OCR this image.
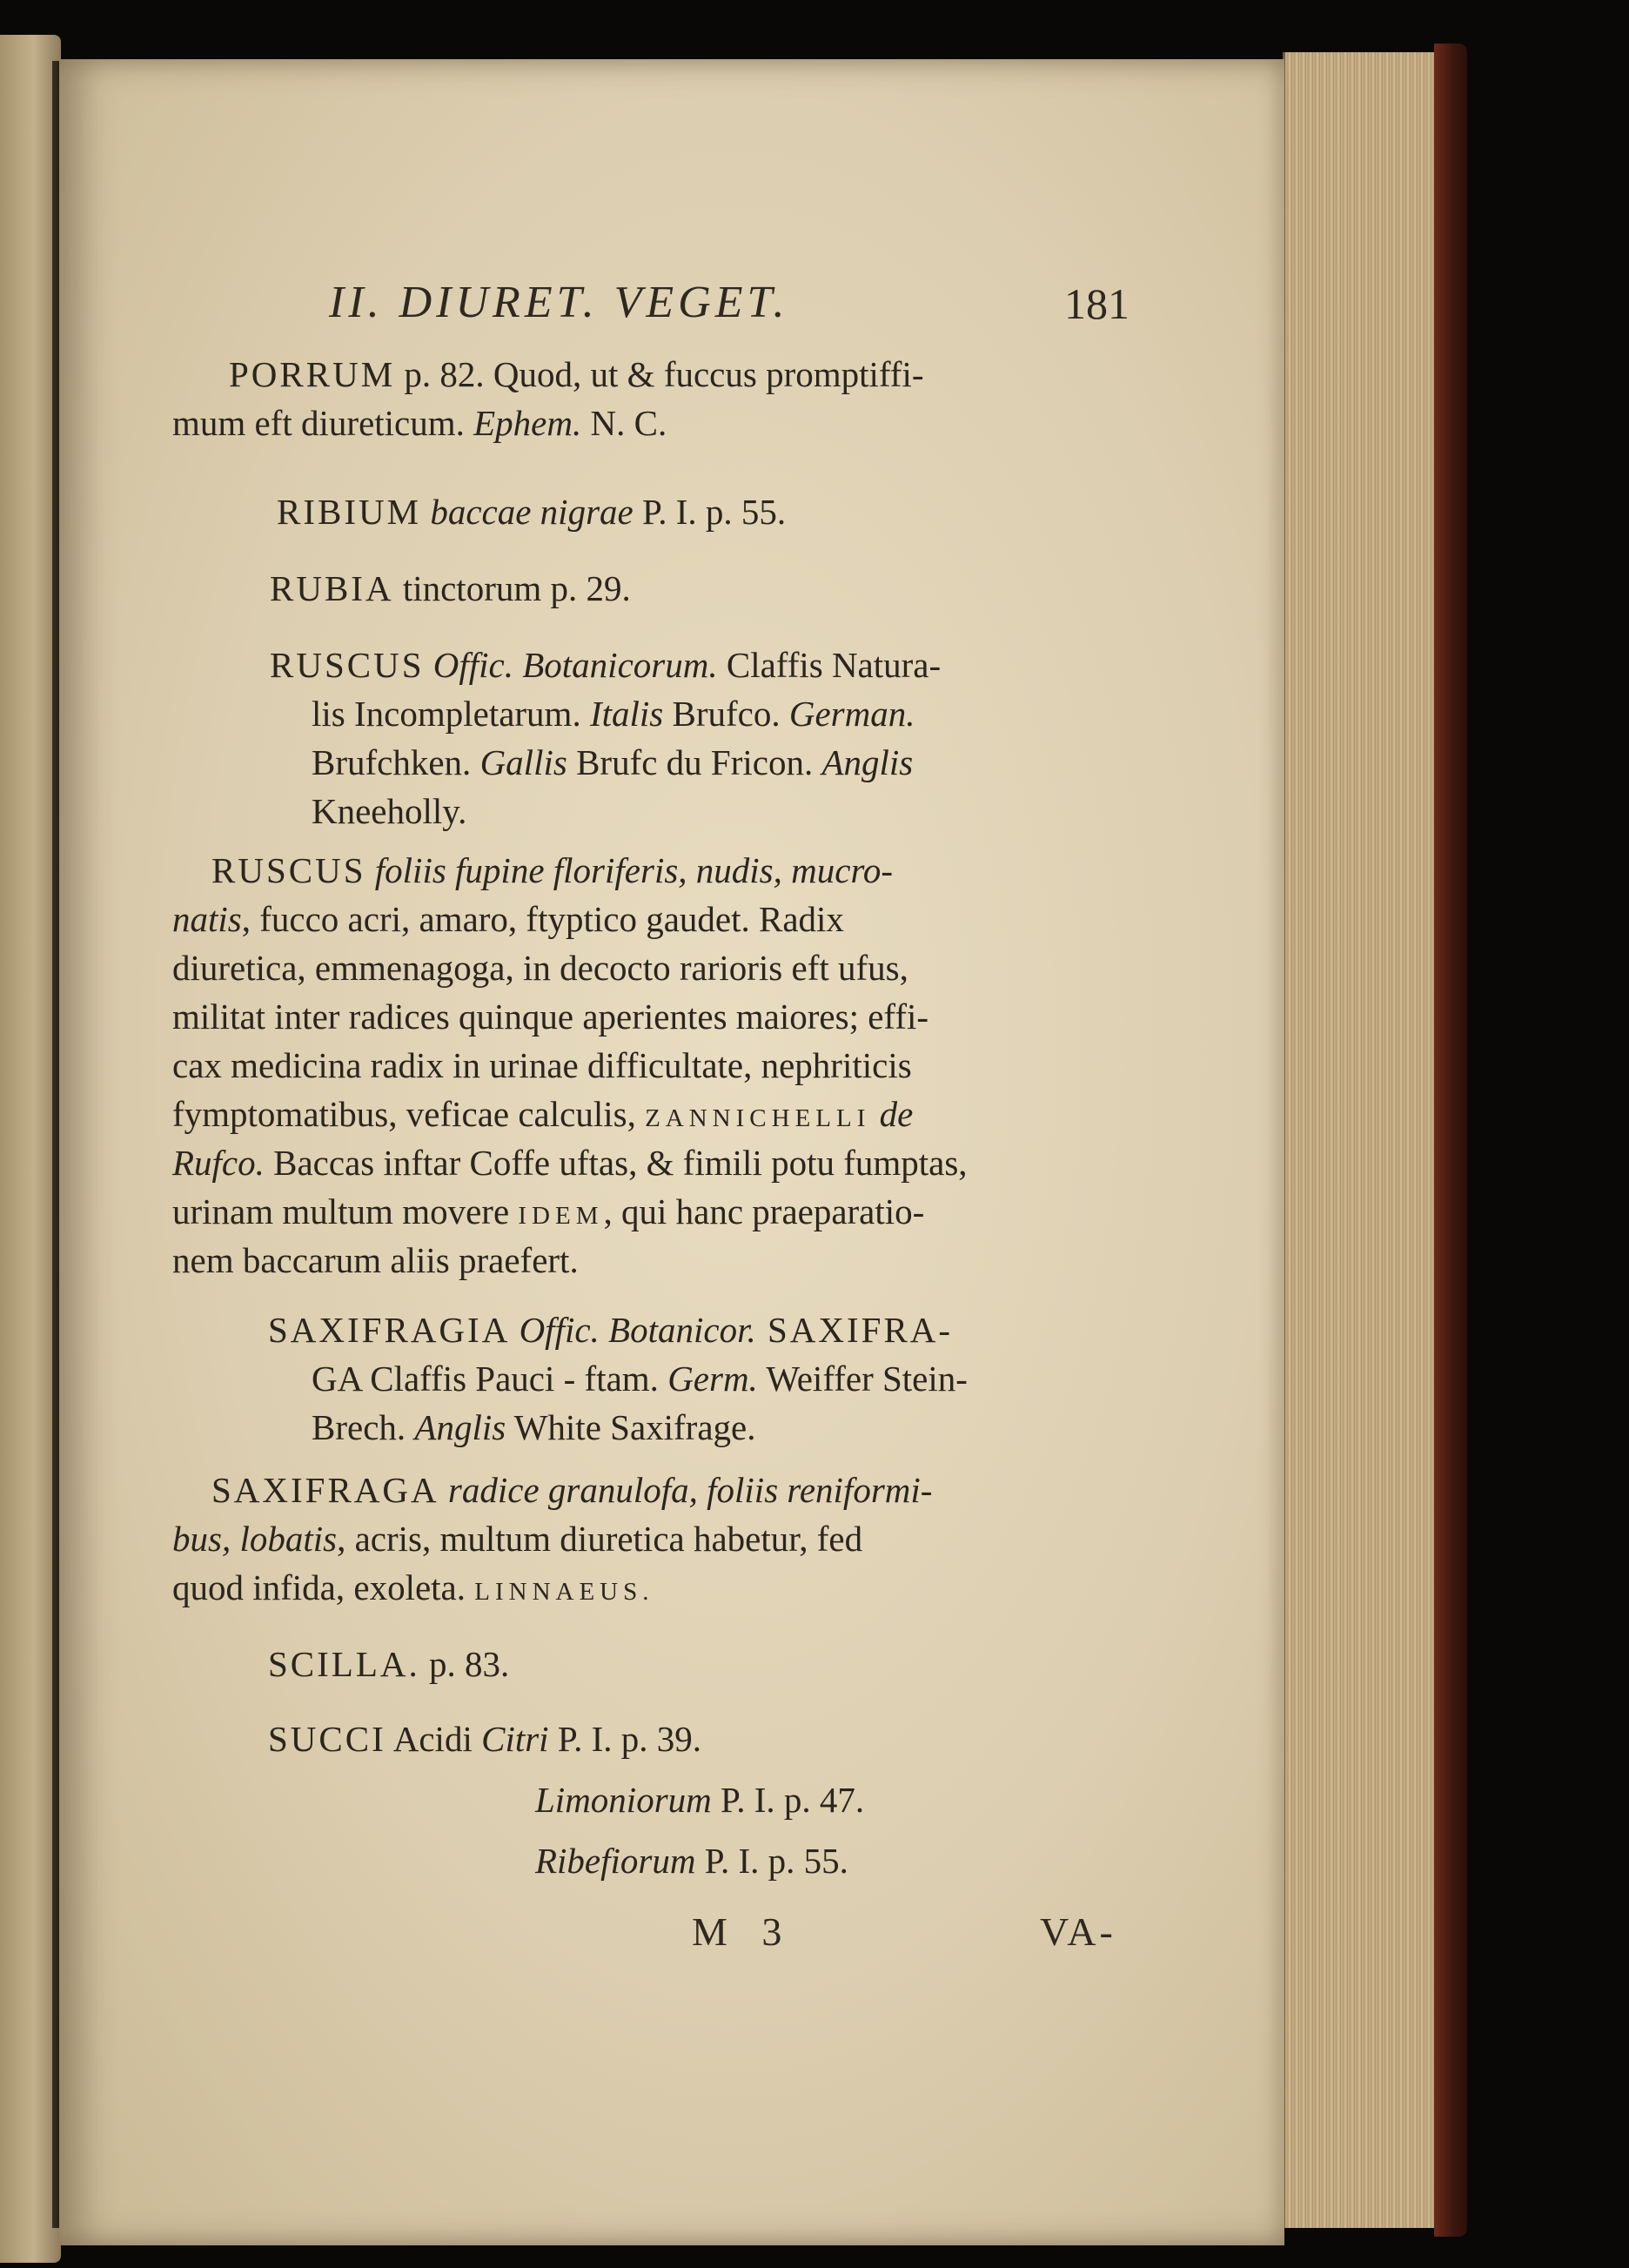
II. DIURET. VEGET.	181
PORRUM p. 82. Quod, ut & fuccus promptiffi-
mum eft diureticum. Ephem. N. C.
RIBIUM baccae nigrae P. I. p. 55.
RUBIA tinctorum p. 29.
RUSCUS Offic. Botanicorum. Claffis Natura-
lis Incompletarum. Italis Brufco. German.
Brufchken. Gallis Brufc du Fricon. Anglis
Kneeholly.
RUSCUS foliis fupine floriferis, nudis, mucro-
natis, fucco acri, amaro, ftyptico gaudet. Radix
diuretica, emmenagoga, in decocto rarioris eft ufus,
militat inter radices quinque aperientes maiores; effi-
cax medicina radix in urinae difficultate, nephriticis
fymptomatibus, veficae calculis, ZANNICHELLI de
Rufco. Baccas inftar Coffe uftas, & fimili potu fumptas,
urinam multum movere IDEM, qui hanc praeparatio-
nem baccarum aliis praefert.
SAXIFRAGIA Offic. Botanicor. SAXIFRA-
GA Claffis Pauci - ftam. Germ. Weiffer Stein-
Brech. Anglis White Saxifrage.
SAXIFRAGA radice granulofa, foliis reniformi-
bus, lobatis, acris, multum diuretica habetur, fed
quod infida, exoleta. LINNAEUS.
SCILLA. p. 83.
SUCCI Acidi Citri P. I. p. 39.
Limoniorum P. I. p. 47.
Ribefiorum P. I. p. 55.
M 3	VA-
